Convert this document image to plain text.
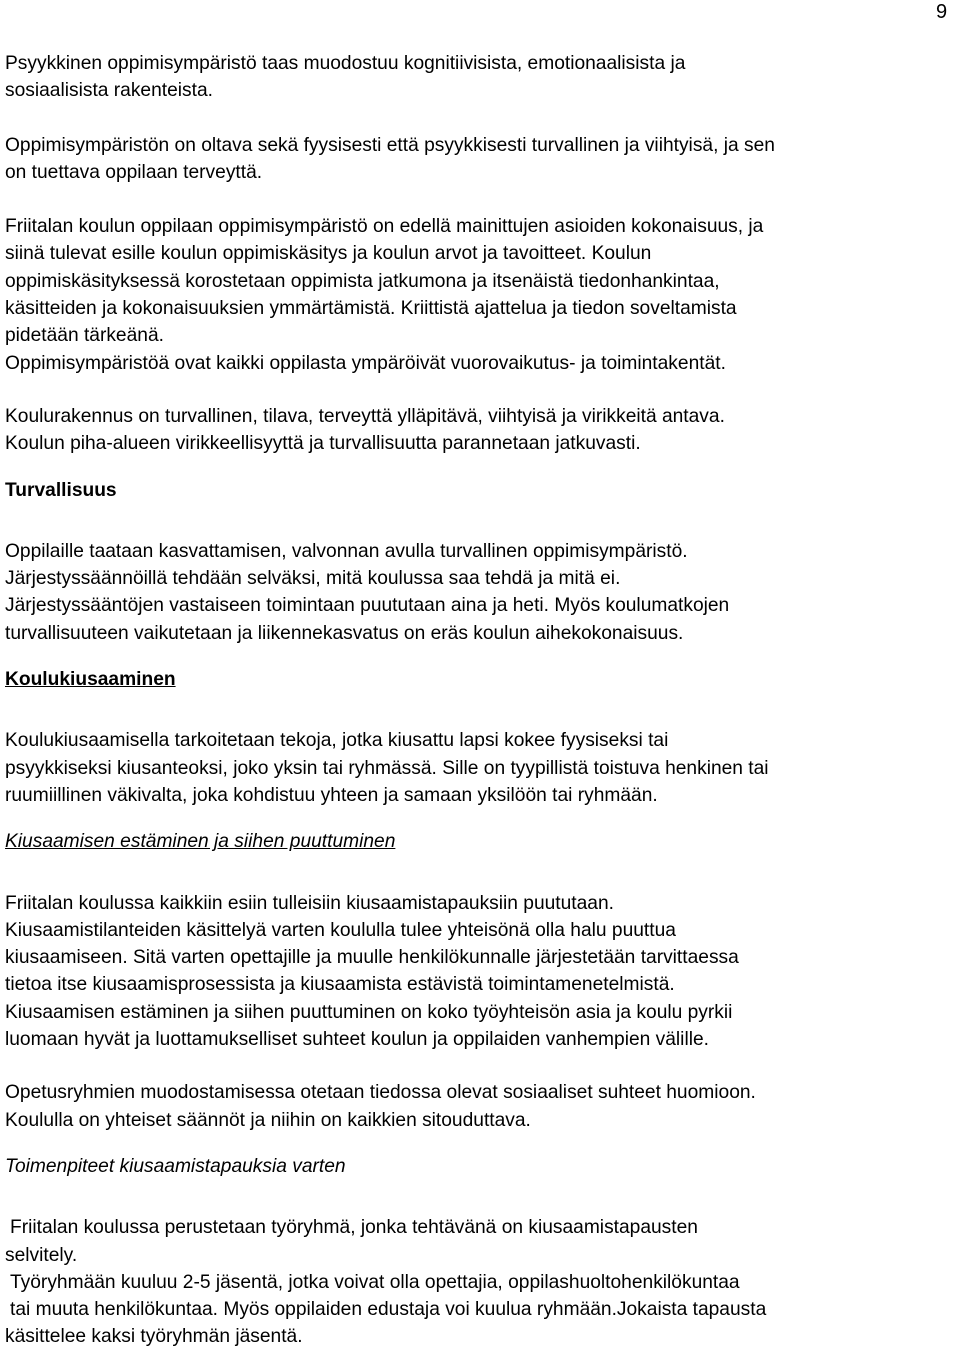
9
Psyykkinen oppimisympäristö taas muodostuu kognitiivisista, emotionaalisista ja
sosiaalisista rakenteista.
Oppimisympäristön on oltava sekä fyysisesti että psyykkisesti turvallinen ja viihtyisä, ja sen
on tuettava oppilaan terveyttä.
Friitalan koulun oppilaan oppimisympäristö on edellä mainittujen asioiden kokonaisuus, ja
siinä tulevat esille koulun oppimiskäsitys ja koulun arvot ja tavoitteet. Koulun
oppimiskäsityksessä korostetaan oppimista jatkumona ja itsenäistä tiedonhankintaa,
käsitteiden ja kokonaisuuksien ymmärtämistä. Kriittistä ajattelua ja tiedon soveltamista
pidetään tärkeänä.
Oppimisympäristöä ovat kaikki oppilasta ympäröivät vuorovaikutus- ja toimintakentät.
Koulurakennus on turvallinen, tilava, terveyttä ylläpitävä, viihtyisä ja virikkeitä antava.
Koulun piha-alueen virikkeellisyyttä ja turvallisuutta parannetaan jatkuvasti.
Turvallisuus
Oppilaille taataan kasvattamisen, valvonnan avulla turvallinen oppimisympäristö.
Järjestyssäännöillä tehdään selväksi, mitä koulussa saa tehdä ja mitä ei.
Järjestyssääntöjen vastaiseen toimintaan puututaan aina ja heti. Myös koulumatkojen
turvallisuuteen vaikutetaan ja liikennekasvatus on eräs koulun aihekokonaisuus.
Koulukiusaaminen
Koulukiusaamisella tarkoitetaan tekoja, jotka kiusattu lapsi kokee fyysiseksi tai
psyykkiseksi kiusanteoksi, joko yksin tai ryhmässä. Sille on tyypillistä toistuva henkinen tai
ruumiillinen väkivalta, joka kohdistuu yhteen ja samaan yksilöön tai ryhmään.
Kiusaamisen estäminen ja siihen puuttuminen
Friitalan koulussa kaikkiin esiin tulleisiin kiusaamistapauksiin puututaan.
Kiusaamistilanteiden käsittelyä varten koululla tulee yhteisönä olla halu puuttua
kiusaamiseen. Sitä varten opettajille ja muulle henkilökunnalle järjestetään tarvittaessa
tietoa itse kiusaamisprosessista ja kiusaamista estävistä toimintamenetelmistä.
Kiusaamisen estäminen ja siihen puuttuminen on koko työyhteisön asia ja koulu pyrkii
luomaan hyvät ja luottamukselliset suhteet koulun ja oppilaiden vanhempien välille.
Opetusryhmien muodostamisessa otetaan tiedossa olevat sosiaaliset suhteet huomioon.
Koululla on yhteiset säännöt ja niihin on kaikkien sitouduttava.
Toimenpiteet kiusaamistapauksia varten
Friitalan koulussa perustetaan työryhmä, jonka tehtävänä on kiusaamistapausten
selvitely.
Työryhmään kuuluu 2-5 jäsentä, jotka voivat olla opettajia, oppilashuoltohenkilökuntaa
tai muuta henkilökuntaa. Myös oppilaiden edustaja voi kuulua ryhmään.Jokaista tapausta
käsittelee kaksi työryhmän jäsentä.
